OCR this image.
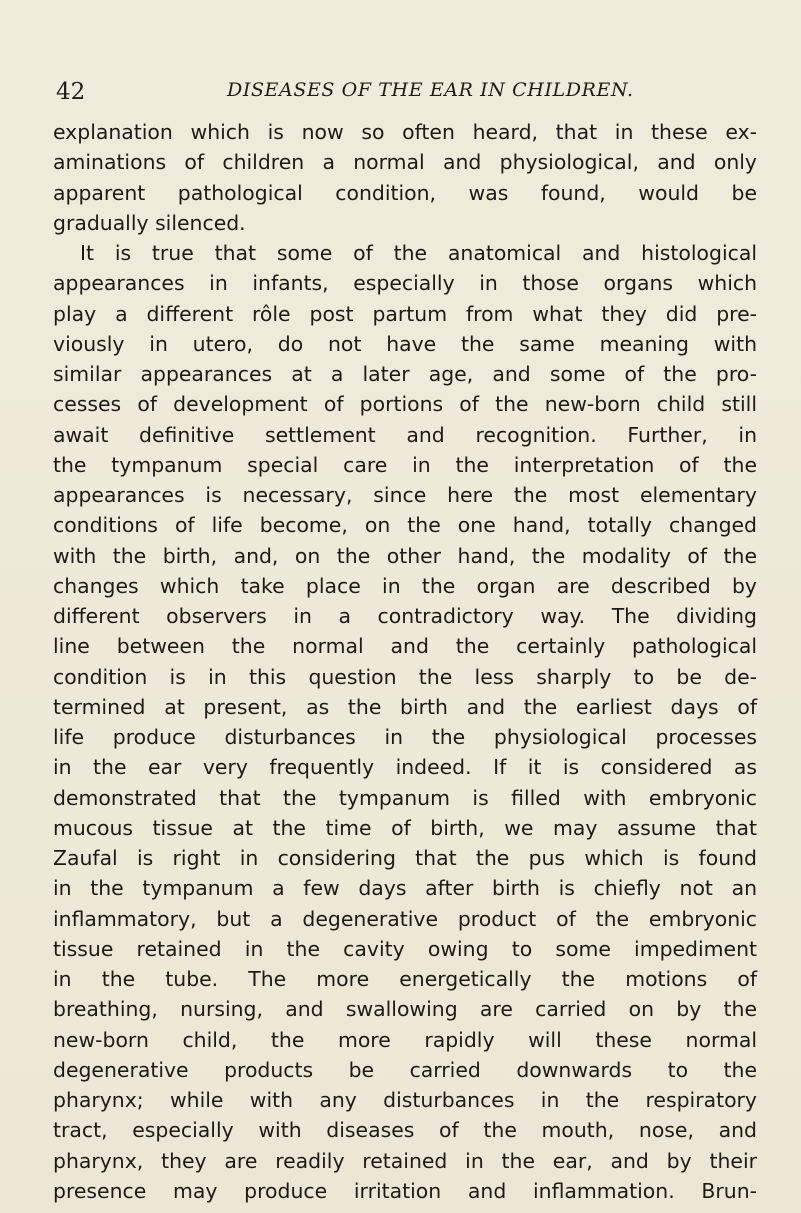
42	DISEASES OF THE EAR IN CHILDREN.
explanation which is now so often heard, that in these ex-
aminations of children a normal and physiological, and only
apparent pathological condition, was found, would be
gradually silenced.
It is true that some of the anatomical and histological
appearances in infants, especially in those organs which
play a different rôle post partum from what they did pre-
viously in utero, do not have the same meaning with
similar appearances at a later age, and some of the pro-
cesses of development of portions of the new-born child still
await definitive settlement and recognition. Further, in
the tympanum special care in the interpretation of the
appearances is necessary, since here the most elementary
conditions of life become, on the one hand, totally changed
with the birth, and, on the other hand, the modality of the
changes which take place in the organ are described by
different observers in a contradictory way. The dividing
line between the normal and the certainly pathological
condition is in this question the less sharply to be de-
termined at present, as the birth and the earliest days of
life produce disturbances in the physiological processes
in the ear very frequently indeed. If it is considered as
demonstrated that the tympanum is filled with embryonic
mucous tissue at the time of birth, we may assume that
Zaufal is right in considering that the pus which is found
in the tympanum a few days after birth is chiefly not an
inflammatory, but a degenerative product of the embryonic
tissue retained in the cavity owing to some impediment
in the tube. The more energetically the motions of
breathing, nursing, and swallowing are carried on by the
new-born child, the more rapidly will these normal
degenerative products be carried downwards to the
pharynx; while with any disturbances in the respiratory
tract, especially with diseases of the mouth, nose, and
pharynx, they are readily retained in the ear, and by their
presence may produce irritation and inflammation. Brun-
